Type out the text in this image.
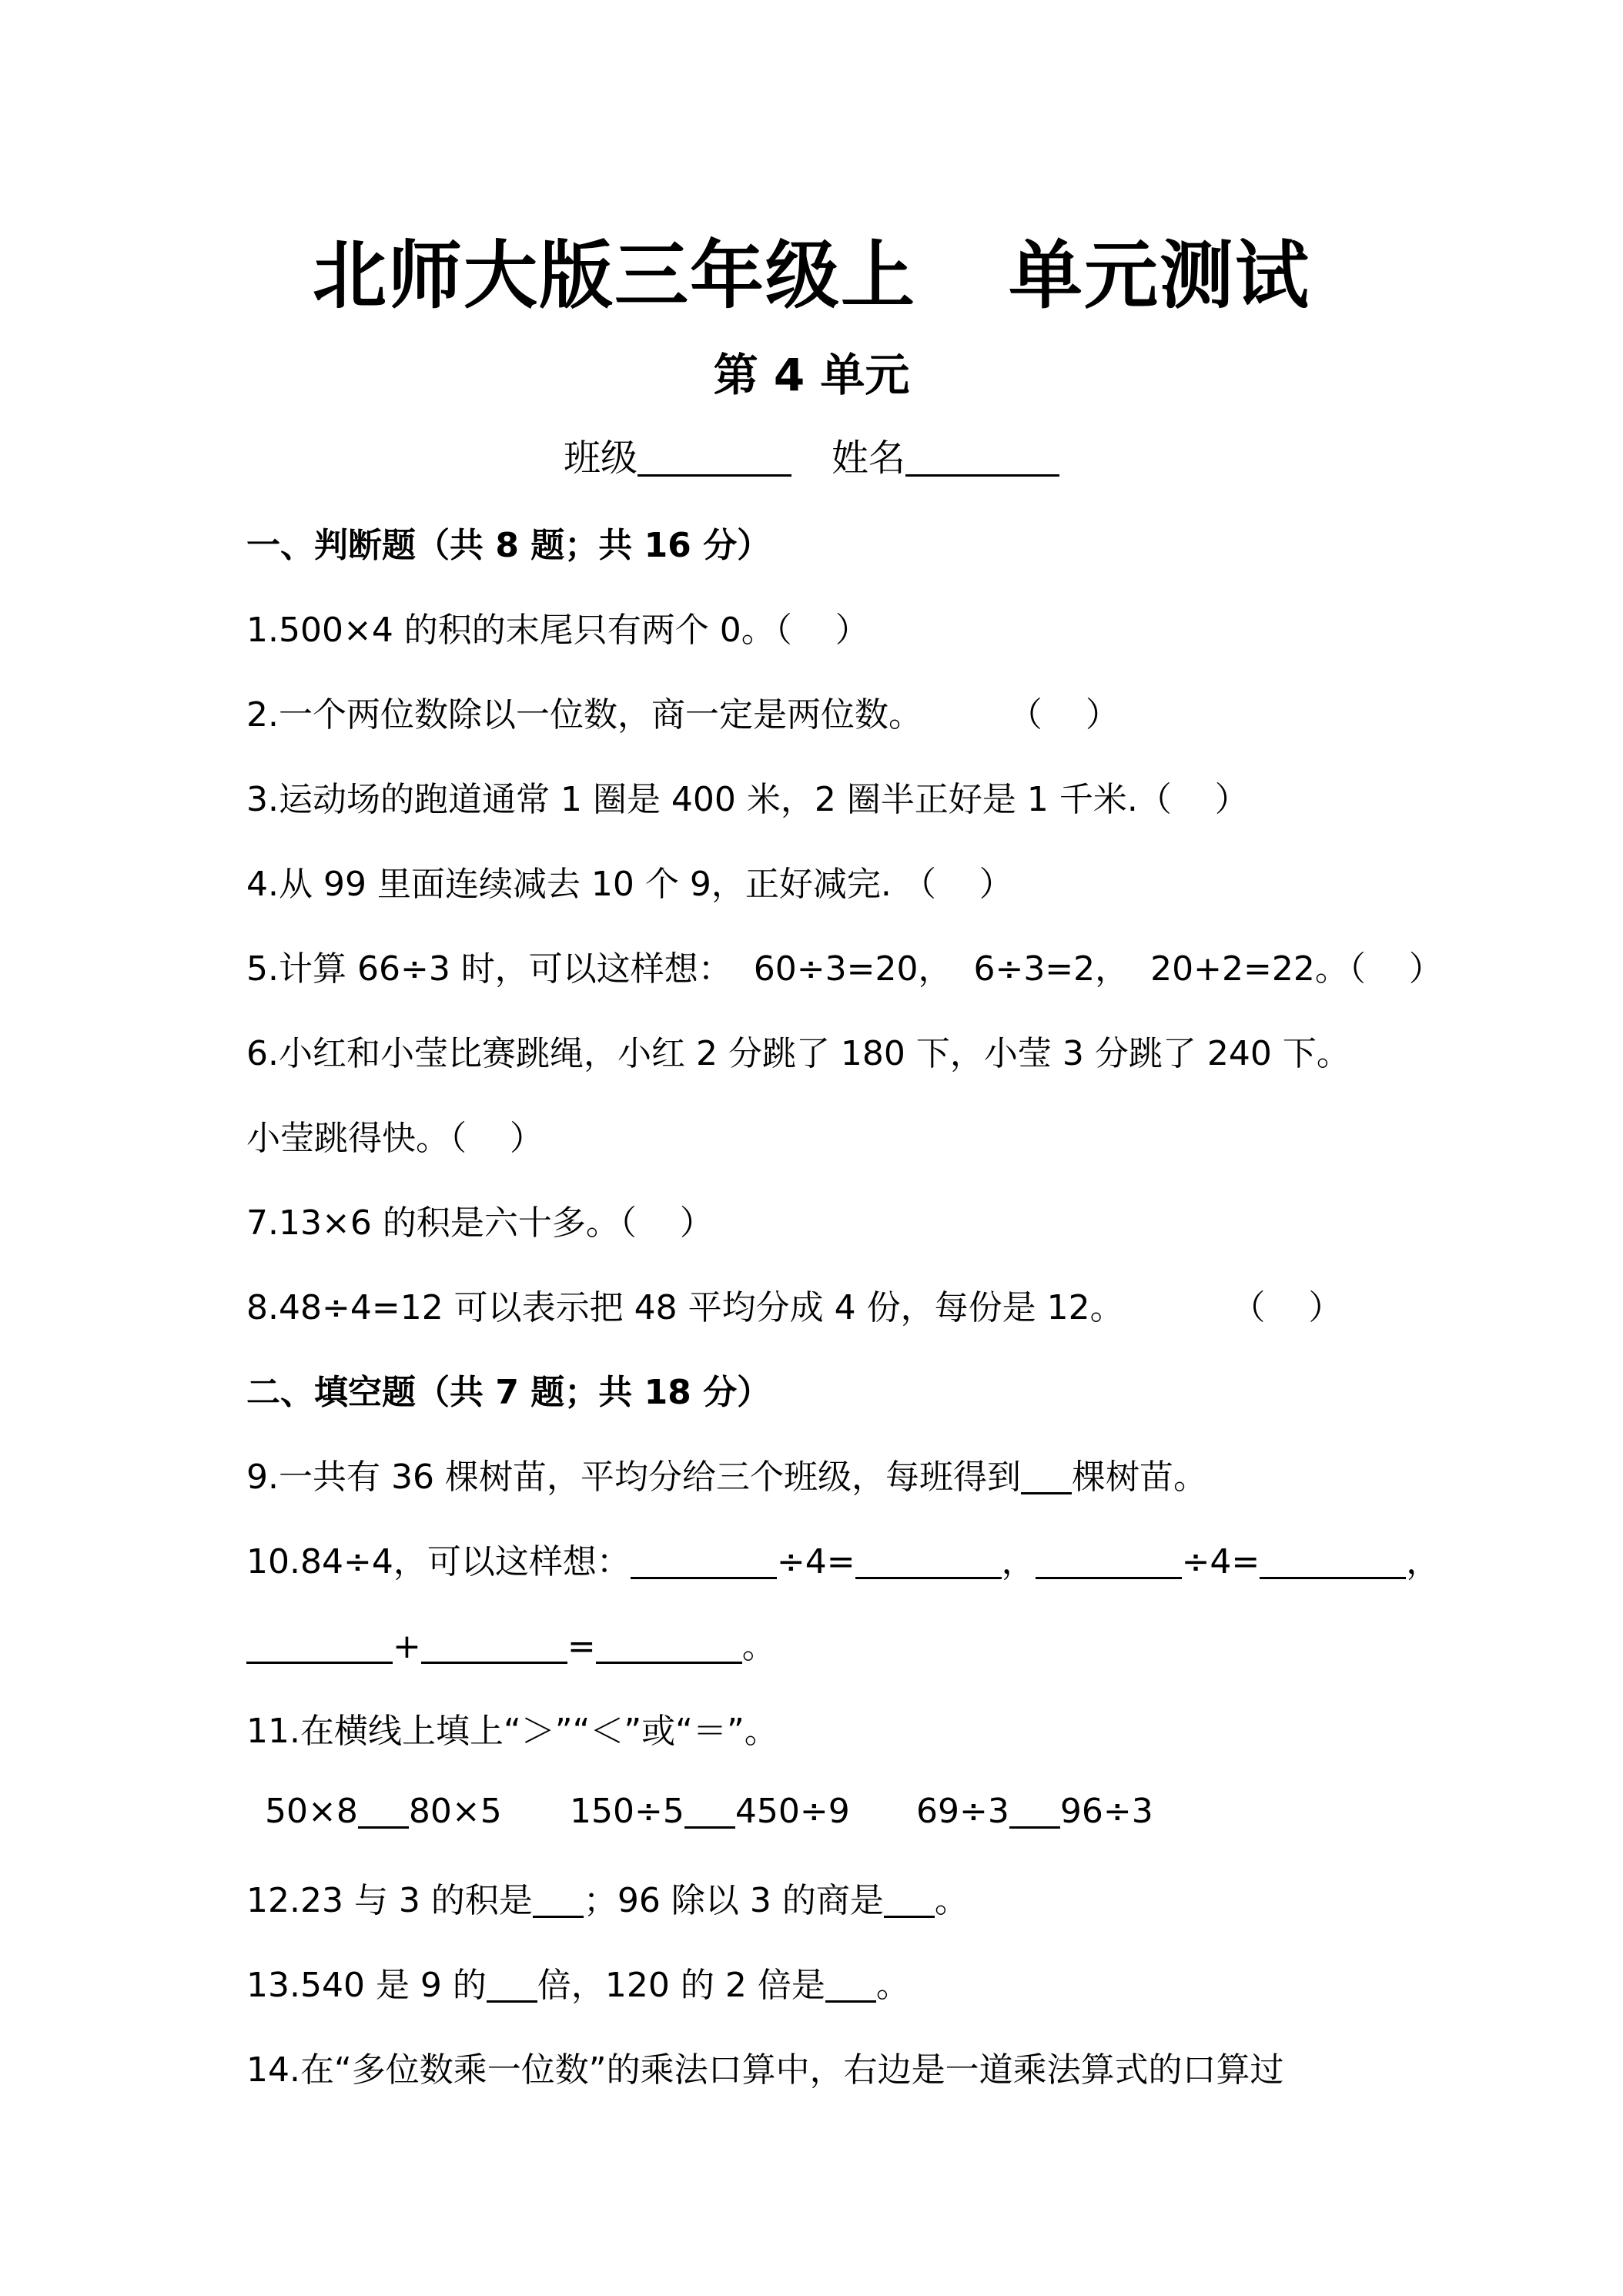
北师大版三年级上 单元测试
第 4 单元
班级	姓名
一、判断题（共 8 题；共 16 分）
1.500×4 的积的末尾只有两个 0。（    ）
2.一个两位数除以一位数，商一定是两位数。        （    ）
3.运动场的跑道通常 1 圈是 400 米，2 圈半正好是 1 千米.（    ）
4.从 99 里面连续减去 10 个 9，正好减完. （    ）
5.计算 66÷3 时，可以这样想：  60÷3=20，  6÷3=2，  20+2=22。（    ）
6.小红和小莹比赛跳绳，小红 2 分跳了 180 下，小莹 3 分跳了 240 下。
小莹跳得快。（    ）
7.13×6 的积是六十多。（    ）
8.48÷4=12 可以表示把 48 平均分成 4 份，每份是 12。          （    ）
二、填空题（共 7 题；共 18 分）
9.一共有 36 棵树苗，平均分给三个班级，每班得到 棵树苗。
10.84÷4，可以这样想：	÷4=	，	÷4=	，
+	=	。
11.在横线上填上“＞”“＜”或“＝”。
50×8 80×5 150÷5 450÷9 69÷3 96÷3
12.23 与 3 的积是 ；96 除以 3 的商是 。
13.540 是 9 的 倍，120 的 2 倍是 。
14.在“多位数乘一位数”的乘法口算中，右边是一道乘法算式的口算过
